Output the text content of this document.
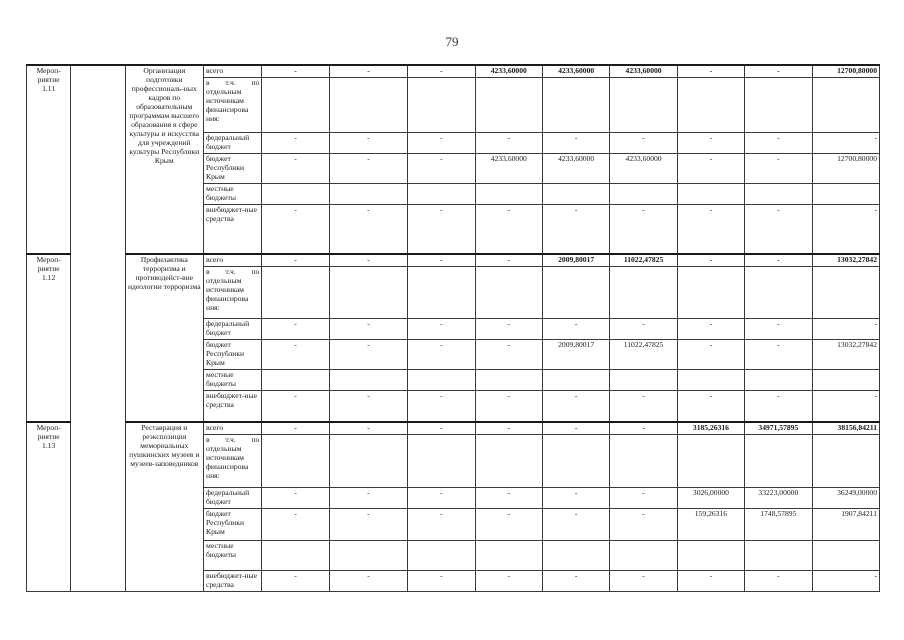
79
Мероп-
риятие
1.11		Организация подготовки профессиональ-ных кадров по образовательным программам высшего образования в сфере культуры и искусства для учреждений культуры Республики Крым	всего	-	-	-	4233,60000	4233,60000	4233,60000	-	-	12700,80000
			в т.ч. по отдельным источникам финансирова ния:									
			федеральный бюджет	-	-	-	-	-	-	-	-	-
			бюджет Республики Крым	-	-	-	4233,60000	4233,60000	4233,60000	-	-	12700,80000
			местные бюджеты									
			внебюджет-ные средства	-	-	-	-	-	-	-	-	-
Мероп-
риятие
1.12		Профилактика терроризма и противодейст-вие идеологии терроризма	всего	-	-	-	-	2009,80017	11022,47825	-	-	13032,27842
			в т.ч. по отдельным источникам финансирова ния:									
			федеральный бюджет	-	-	-	-	-	-	-	-	-
			бюджет Республики Крым	-	-	-	-	2009,80017	11022,47825	-	-	13032,27842
			местные бюджеты									
			внебюджет-ные средства	-	-	-	-	-	-	-	-	-
Мероп-
риятие
1.13		Реставрация и реэкспозиция мемориальных пушкинских музеев и музеев-заповедников	всего	-	-	-	-	-	-	3185,26316	34971,57895	38156,84211
			в т.ч. по отдельным источникам финансирова ния:									
			федеральный бюджет	-	-	-	-	-	-	3026,00000	33223,00000	36249,00000
			бюджет Республики Крым	-	-	-	-	-	-	159,26316	1748,57895	1907,84211
			местные бюджеты									
			внебюджет-ные средства	-	-	-	-	-	-	-	-	-
